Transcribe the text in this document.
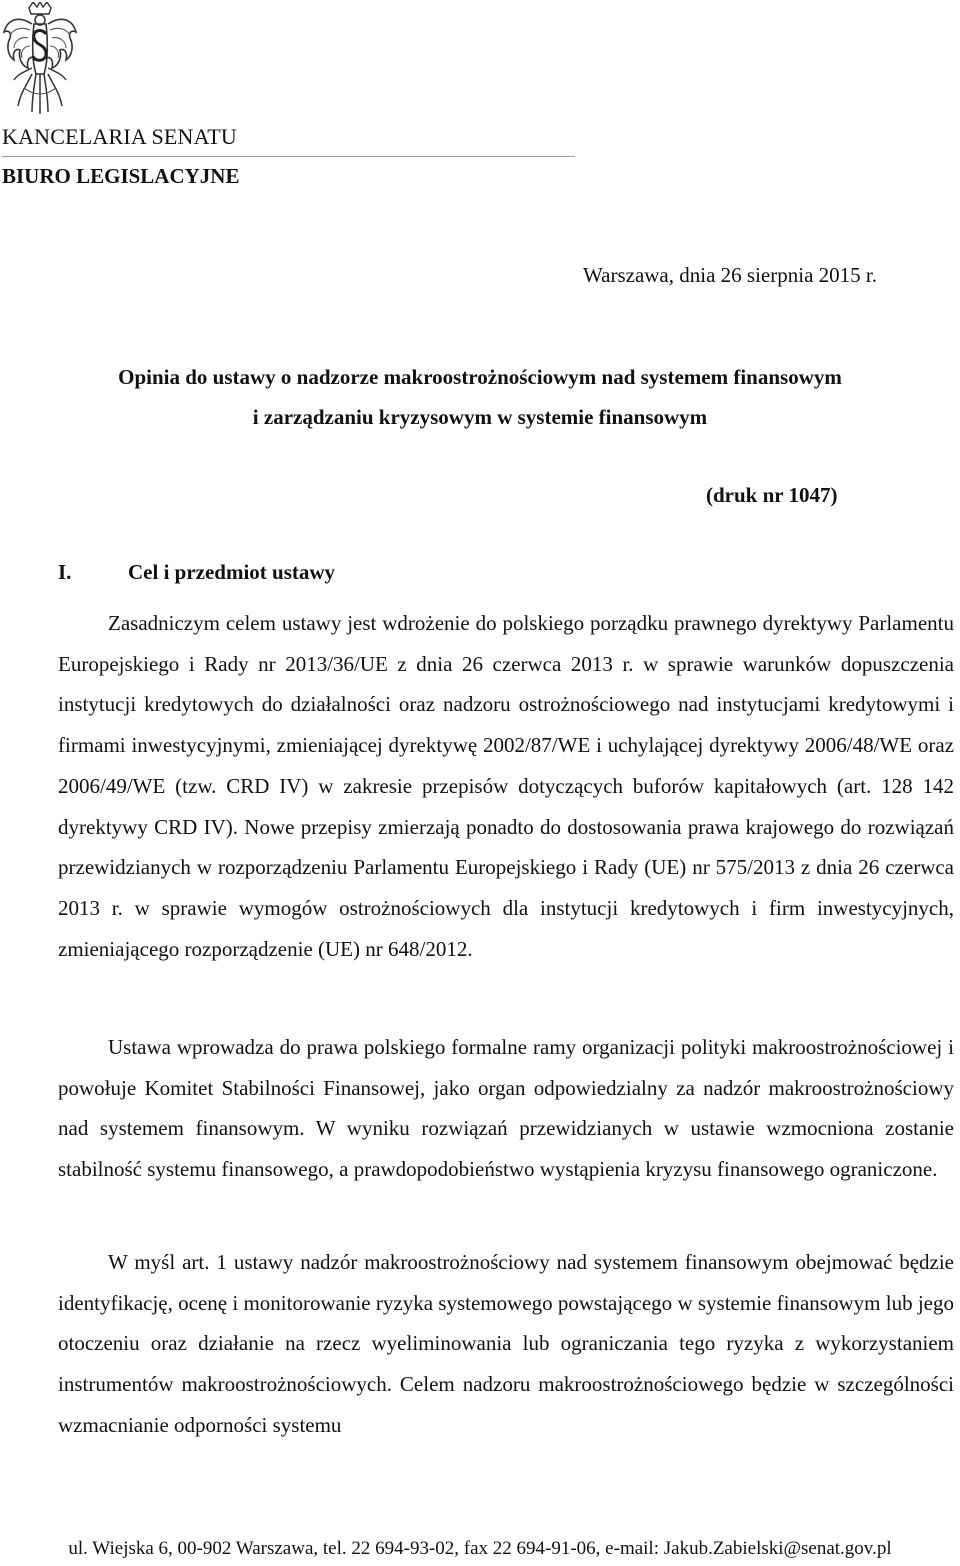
KANCELARIA SENATU
BIURO LEGISLACYJNE
Warszawa, dnia 26 sierpnia 2015 r.
Opinia do ustawy o nadzorze makroostrożnościowym nad systemem finansowym
i zarządzaniu kryzysowym w systemie finansowym
(druk nr 1047)
I.	Cel i przedmiot ustawy
Zasadniczym celem ustawy jest wdrożenie do polskiego porządku prawnego dyrektywy Parlamentu Europejskiego i Rady nr 2013/36/UE z dnia 26 czerwca 2013 r. w sprawie warunków dopuszczenia instytucji kredytowych do działalności oraz nadzoru ostrożnościowego nad instytucjami kredytowymi i firmami inwestycyjnymi, zmieniającej dyrektywę 2002/87/WE i uchylającej dyrektywy 2006/48/WE oraz 2006/49/WE (tzw. CRD IV) w zakresie przepisów dotyczących buforów kapitałowych (art. 128 142 dyrektywy CRD IV). Nowe przepisy zmierzają ponadto do dostosowania prawa krajowego do rozwiązań przewidzianych w rozporządzeniu Parlamentu Europejskiego i Rady (UE) nr 575/2013 z dnia 26 czerwca 2013 r. w sprawie wymogów ostrożnościowych dla instytucji kredytowych i firm inwestycyjnych, zmieniającego rozporządzenie (UE) nr 648/2012.
Ustawa wprowadza do prawa polskiego formalne ramy organizacji polityki makroostrożnościowej i powołuje Komitet Stabilności Finansowej, jako organ odpowiedzialny za nadzór makroostrożnościowy nad systemem finansowym. W wyniku rozwiązań przewidzianych w ustawie wzmocniona zostanie stabilność systemu finansowego, a prawdopodobieństwo wystąpienia kryzysu finansowego ograniczone.
W myśl art. 1 ustawy nadzór makroostrożnościowy nad systemem finansowym obejmować będzie identyfikację, ocenę i monitorowanie ryzyka systemowego powstającego w systemie finansowym lub jego otoczeniu oraz działanie na rzecz wyeliminowania lub ograniczania tego ryzyka z wykorzystaniem instrumentów makroostrożnościowych. Celem nadzoru makroostrożnościowego będzie w szczególności wzmacnianie odporności systemu
ul. Wiejska 6, 00-902 Warszawa, tel. 22 694-93-02, fax 22 694-91-06, e-mail: Jakub.Zabielski@senat.gov.pl
